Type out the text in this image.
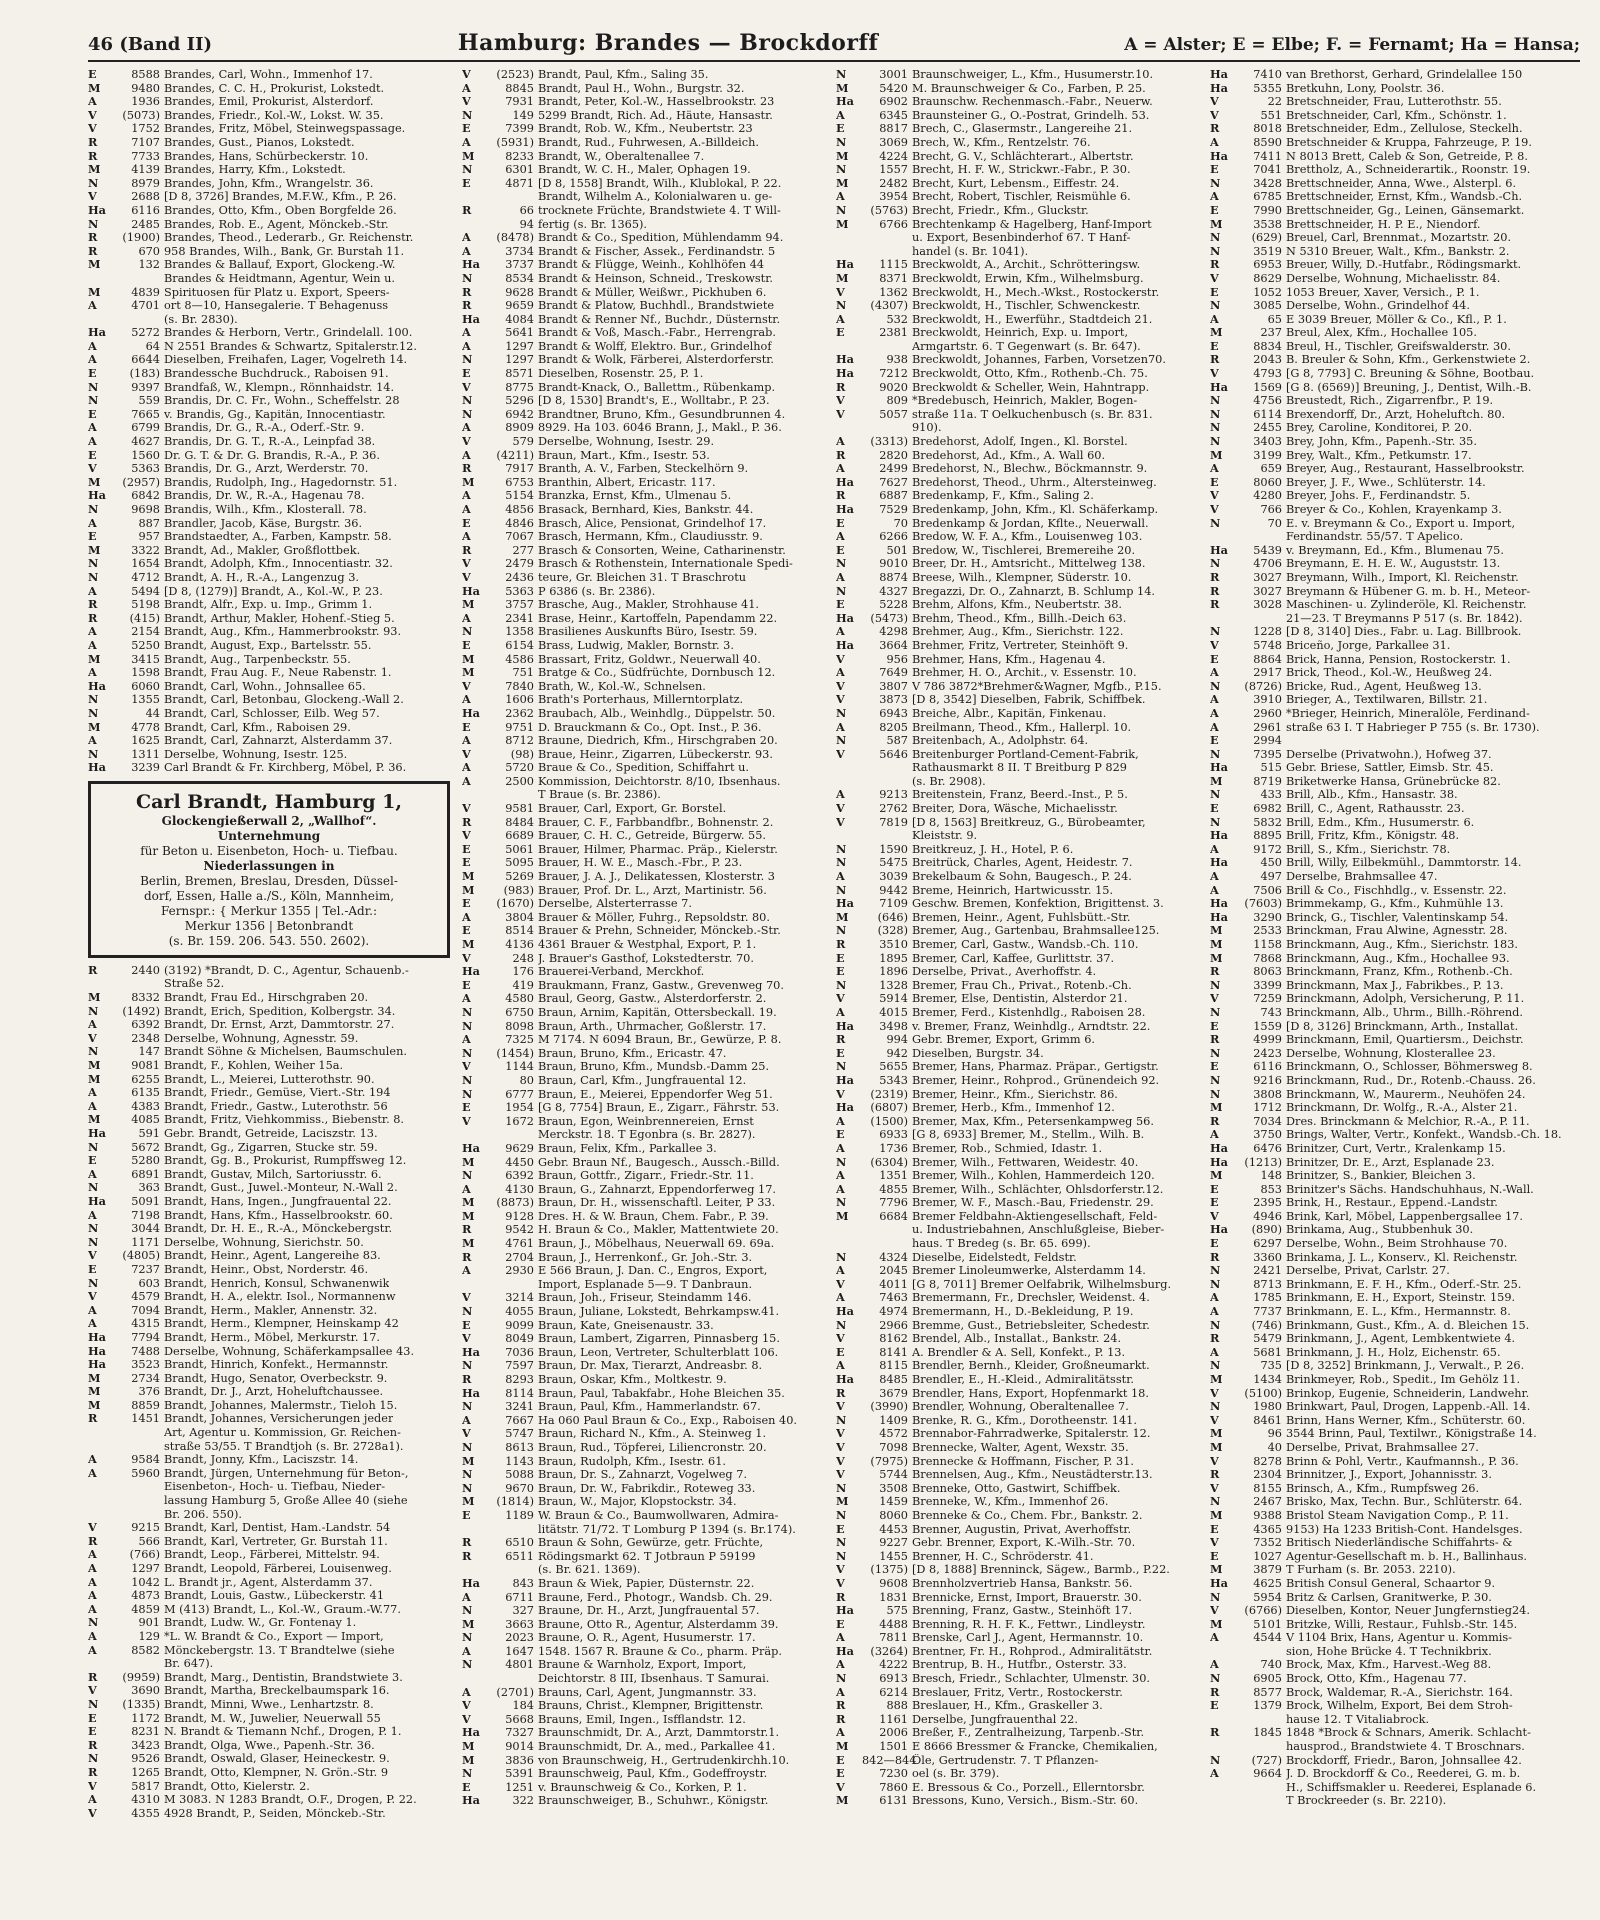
46 (Band II)	Hamburg: Brandes — Brockdorff	A = Alster; E = Elbe; F. = Fernamt; Ha = Hansa;
E	8588 Brandes, Carl, Wohn., Immenhof 17.
M	9480 Brandes, C. C. H., Prokurist, Lokstedt.
A	1936 Brandes, Emil, Prokurist, Alsterdorf.
V	(5073) Brandes, Friedr., Kol.-W., Lokst. W. 35.
V	1752 Brandes, Fritz, Möbel, Steinwegspassage.
R	7107 Brandes, Gust., Pianos, Lokstedt.
R	7733 Brandes, Hans, Schürbeckerstr. 10.
M	4139 Brandes, Harry, Kfm., Lokstedt.
N	8979 Brandes, John, Kfm., Wrangelstr. 36.
V	2688 [D 8, 3726] Brandes, M.F.W., Kfm., P. 26.
Ha	6116 Brandes, Otto, Kfm., Oben Borgfelde 26.
N	2485 Brandes, Rob. E., Agent, Mönckeb.-Str.
R	(1900) Brandes, Theod., Lederarb., Gr. Reichenstr.
R	670 958 Brandes, Wilh., Bank, Gr. Burstah 11.
M	132 Brandes & Ballauf, Export, Glockeng.-W.
Brandes & Heidtmann, Agentur, Wein u.
M	4839 Spirituosen für Platz u. Export, Speers-
A	4701 ort 8—10, Hansegalerie. T Behagenuss
(s. Br. 2830).
Ha	5272 Brandes & Herborn, Vertr., Grindelall. 100.
A	64 N 2551 Brandes & Schwartz, Spitalerstr.12.
A	6644 Dieselben, Freihafen, Lager, Vogelreth 14.
E	(183) Brandessche Buchdruck., Raboisen 91.
N	9397 Brandfaß, W., Klempn., Rönnhaidstr. 14.
N	559 Brandis, Dr. C. Fr., Wohn., Scheffelstr. 28
E	7665 v. Brandis, Gg., Kapitän, Innocentiastr.
A	6799 Brandis, Dr. G., R.-A., Oderf.-Str. 9.
A	4627 Brandis, Dr. G. T., R.-A., Leinpfad 38.
E	1560 Dr. G. T. & Dr. G. Brandis, R.-A., P. 36.
V	5363 Brandis, Dr. G., Arzt, Werderstr. 70.
M	(2957) Brandis, Rudolph, Ing., Hagedornstr. 51.
Ha	6842 Brandis, Dr. W., R.-A., Hagenau 78.
N	9698 Brandis, Wilh., Kfm., Klosterall. 78.
A	887 Brandler, Jacob, Käse, Burgstr. 36.
E	957 Brandstaedter, A., Farben, Kampstr. 58.
M	3322 Brandt, Ad., Makler, Großflottbek.
N	1654 Brandt, Adolph, Kfm., Innocentiastr. 32.
N	4712 Brandt, A. H., R.-A., Langenzug 3.
A	5494 [D 8, (1279)] Brandt, A., Kol.-W., P. 23.
R	5198 Brandt, Alfr., Exp. u. Imp., Grimm 1.
R	(415) Brandt, Arthur, Makler, Hohenf.-Stieg 5.
A	2154 Brandt, Aug., Kfm., Hammerbrookstr. 93.
A	5250 Brandt, August, Exp., Bartelsstr. 55.
M	3415 Brandt, Aug., Tarpenbeckstr. 55.
A	1598 Brandt, Frau Aug. F., Neue Rabenstr. 1.
Ha	6060 Brandt, Carl, Wohn., Johnsallee 65.
N	1355 Brandt, Carl, Betonbau, Glockeng.-Wall 2.
N	44 Brandt, Carl, Schlosser, Eilb. Weg 57.
M	4778 Brandt, Carl, Kfm., Raboisen 29.
A	1625 Brandt, Carl, Zahnarzt, Alsterdamm 37.
N	1311 Derselbe, Wohnung, Isestr. 125.
Ha	3239 Carl Brandt & Fr. Kirchberg, Möbel, P. 36.
Carl Brandt, Hamburg 1,
Glockengießerwall 2, „Wallhof“.
Unternehmung
für Beton u. Eisenbeton, Hoch- u. Tiefbau.
Niederlassungen in
Berlin, Bremen, Breslau, Dresden, Düssel-
dorf, Essen, Halle a./S., Köln, Mannheim,
Fernspr.: { Merkur 1355 | Tel.-Adr.:
Merkur 1356 | Betonbrandt
(s. Br. 159. 206. 543. 550. 2602).
R	2440 (3192) *Brandt, D. C., Agentur, Schauenb.-
Straße 52.
M	8332 Brandt, Frau Ed., Hirschgraben 20.
N	(1492) Brandt, Erich, Spedition, Kolbergstr. 34.
A	6392 Brandt, Dr. Ernst, Arzt, Dammtorstr. 27.
V	2348 Derselbe, Wohnung, Agnesstr. 59.
N	147 Brandt Söhne & Michelsen, Baumschulen.
M	9081 Brandt, F., Kohlen, Weiher 15a.
M	6255 Brandt, L., Meierei, Lutterothstr. 90.
A	6135 Brandt, Friedr., Gemüse, Viert.-Str. 194
A	4383 Brandt, Friedr., Gastw., Luterothstr. 56
M	4085 Brandt, Fritz, Viehkommiss., Biebenstr. 8.
Ha	591 Gebr. Brandt, Getreide, Laciszstr. 13.
N	5672 Brandt, Gg., Zigarren, Stucke str. 59.
E	5280 Brandt, Gg. B., Prokurist, Rumpffsweg 12.
A	6891 Brandt, Gustav, Milch, Sartoriusstr. 6.
N	363 Brandt, Gust., Juwel.-Monteur, N.-Wall 2.
Ha	5091 Brandt, Hans, Ingen., Jungfrauental 22.
A	7198 Brandt, Hans, Kfm., Hasselbrookstr. 60.
N	3044 Brandt, Dr. H. E., R.-A., Mönckebergstr.
N	1171 Derselbe, Wohnung, Sierichstr. 50.
V	(4805) Brandt, Heinr., Agent, Langereihe 83.
E	7237 Brandt, Heinr., Obst, Norderstr. 46.
N	603 Brandt, Henrich, Konsul, Schwanenwik
V	4579 Brandt, H. A., elektr. Isol., Normannenw
A	7094 Brandt, Herm., Makler, Annenstr. 32.
A	4315 Brandt, Herm., Klempner, Heinskamp 42
Ha	7794 Brandt, Herm., Möbel, Merkurstr. 17.
Ha	7488 Derselbe, Wohnung, Schäferkampsallee 43.
Ha	3523 Brandt, Hinrich, Konfekt., Hermannstr.
M	2734 Brandt, Hugo, Senator, Overbeckstr. 9.
M	376 Brandt, Dr. J., Arzt, Hoheluftchaussee.
M	8859 Brandt, Johannes, Malermstr., Tieloh 15.
R	1451 Brandt, Johannes, Versicherungen jeder
Art, Agentur u. Kommission, Gr. Reichen-
straße 53/55. T Brandtjoh (s. Br. 2728a1).
A	9584 Brandt, Jonny, Kfm., Laciszstr. 14.
A	5960 Brandt, Jürgen, Unternehmung für Beton-,
Eisenbeton-, Hoch- u. Tiefbau, Nieder-
lassung Hamburg 5, Große Allee 40 (siehe
Br. 206. 550).
V	9215 Brandt, Karl, Dentist, Ham.-Landstr. 54
R	566 Brandt, Karl, Vertreter, Gr. Burstah 11.
A	(766) Brandt, Leop., Färberei, Mittelstr. 94.
A	1297 Brandt, Leopold, Färberei, Louisenweg.
A	1042 L. Brandt jr., Agent, Alsterdamm 37.
A	4873 Brandt, Louis, Gastw., Lübeckerstr. 41
A	4859 M (413) Brandt, L., Kol.-W., Graum.-W.77.
N	901 Brandt, Ludw. W., Gr. Fontenay 1.
A	129 *L. W. Brandt & Co., Export — Import,
A	8582 Mönckebergstr. 13. T Brandtelwe (siehe
Br. 647).
R	(9959) Brandt, Marg., Dentistin, Brandstwiete 3.
V	3690 Brandt, Martha, Breckelbaumspark 16.
N	(1335) Brandt, Minni, Wwe., Lenhartzstr. 8.
E	1172 Brandt, M. W., Juwelier, Neuerwall 55
E	8231 N. Brandt & Tiemann Nchf., Drogen, P. 1.
R	3423 Brandt, Olga, Wwe., Papenh.-Str. 36.
N	9526 Brandt, Oswald, Glaser, Heineckestr. 9.
R	1265 Brandt, Otto, Klempner, N. Grön.-Str. 9
V	5817 Brandt, Otto, Kielerstr. 2.
A	4310 M 3083. N 1283 Brandt, O.F., Drogen, P. 22.
V	4355 4928 Brandt, P., Seiden, Mönckeb.-Str.
V	(2523) Brandt, Paul, Kfm., Saling 35.
A	8845 Brandt, Paul H., Wohn., Burgstr. 32.
V	7931 Brandt, Peter, Kol.-W., Hasselbrookstr. 23
N	149 5299 Brandt, Rich. Ad., Häute, Hansastr.
E	7399 Brandt, Rob. W., Kfm., Neubertstr. 23
A	(5931) Brandt, Rud., Fuhrwesen, A.-Billdeich.
M	8233 Brandt, W., Oberaltenallee 7.
N	6301 Brandt, W. C. H., Maler, Ophagen 19.
E	4871 [D 8, 1558] Brandt, Wilh., Klublokal, P. 22.
Brandt, Wilhelm A., Kolonialwaren u. ge-
R	66 trocknete Früchte, Brandstwiete 4. T Will-
94 fertig (s. Br. 1365).
A	(8478) Brandt & Co., Spedition, Mühlendamm 94.
A	3734 Brandt & Fischer, Assek., Ferdinandstr. 5
Ha	3737 Brandt & Flügge, Weinh., Kohlhöfen 44
N	8534 Brandt & Heinson, Schneid., Treskowstr.
R	9628 Brandt & Müller, Weißwr., Pickhuben 6.
R	9659 Brandt & Platow, Buchhdl., Brandstwiete
Ha	4084 Brandt & Renner Nf., Buchdr., Düsternstr.
A	5641 Brandt & Voß, Masch.-Fabr., Herrengrab.
A	1297 Brandt & Wolff, Elektro. Bur., Grindelhof
N	1297 Brandt & Wolk, Färberei, Alsterdorferstr.
E	8571 Dieselben, Rosenstr. 25, P. 1.
V	8775 Brandt-Knack, O., Ballettm., Rübenkamp.
N	5296 [D 8, 1530] Brandt's, E., Wolltabr., P. 23.
N	6942 Brandtner, Bruno, Kfm., Gesundbrunnen 4.
A	8909 8929. Ha 103. 6046 Brann, J., Makl., P. 36.
V	579 Derselbe, Wohnung, Isestr. 29.
A	(4211) Braun, Mart., Kfm., Isestr. 53.
R	7917 Branth, A. V., Farben, Steckelhörn 9.
M	6753 Branthin, Albert, Ericastr. 117.
A	5154 Branzka, Ernst, Kfm., Ulmenau 5.
A	4856 Brasack, Bernhard, Kies, Bankstr. 44.
E	4846 Brasch, Alice, Pensionat, Grindelhof 17.
A	7067 Brasch, Hermann, Kfm., Claudiusstr. 9.
R	277 Brasch & Consorten, Weine, Catharinenstr.
V	2479 Brasch & Rothenstein, Internationale Spedi-
V	2436 teure, Gr. Bleichen 31. T Braschrotu
Ha	5363 P 6386 (s. Br. 2386).
M	3757 Brasche, Aug., Makler, Strohhause 41.
A	2341 Brase, Heinr., Kartoffeln, Papendamm 22.
N	1358 Brasilienes Auskunfts Büro, Isestr. 59.
E	6154 Brass, Ludwig, Makler, Bornstr. 3.
M	4586 Brassart, Fritz, Goldwr., Neuerwall 40.
M	751 Bratge & Co., Südfrüchte, Dornbusch 12.
V	7840 Brath, W., Kol.-W., Schnelsen.
A	1606 Brath's Porterhaus, Millerntorplatz.
Ha	2362 Braubach, Alb., Weinhdlg., Düppelstr. 50.
E	9751 D. Brauckmann & Co., Opt. Inst., P. 36.
A	8712 Braune, Diedrich, Kfm., Hirschgraben 20.
V	(98) Braue, Heinr., Zigarren, Lübeckerstr. 93.
A	5720 Braue & Co., Spedition, Schiffahrt u.
A	2500 Kommission, Deichtorstr. 8/10, Ibsenhaus.
T Braue (s. Br. 2386).
V	9581 Brauer, Carl, Export, Gr. Borstel.
R	8484 Brauer, C. F., Farbbandfbr., Bohnenstr. 2.
V	6689 Brauer, C. H. C., Getreide, Bürgerw. 55.
E	5061 Brauer, Hilmer, Pharmac. Präp., Kielerstr.
E	5095 Brauer, H. W. E., Masch.-Fbr., P. 23.
M	5269 Brauer, J. A. J., Delikatessen, Klosterstr. 3
M	(983) Brauer, Prof. Dr. L., Arzt, Martinistr. 56.
E	(1670) Derselbe, Alsterterrasse 7.
A	3804 Brauer & Möller, Fuhrg., Repsoldstr. 80.
E	8514 Brauer & Prehn, Schneider, Mönckeb.-Str.
M	4136 4361 Brauer & Westphal, Export, P. 1.
V	248 J. Brauer's Gasthof, Lokstedterstr. 70.
Ha	176 Brauerei-Verband, Merckhof.
E	419 Braukmann, Franz, Gastw., Grevenweg 70.
A	4580 Braul, Georg, Gastw., Alsterdorferstr. 2.
N	6750 Braun, Arnim, Kapitän, Ottersbeckall. 19.
N	8098 Braun, Arth., Uhrmacher, Goßlerstr. 17.
A	7325 M 7174. N 6094 Braun, Br., Gewürze, P. 8.
N	(1454) Braun, Bruno, Kfm., Ericastr. 47.
V	1144 Braun, Bruno, Kfm., Mundsb.-Damm 25.
N	80 Braun, Carl, Kfm., Jungfrauental 12.
N	6777 Braun, E., Meierei, Eppendorfer Weg 51.
E	1954 [G 8, 7754] Braun, E., Zigarr., Fährstr. 53.
V	1672 Braun, Egon, Weinbrennereien, Ernst
Merckstr. 18. T Egonbra (s. Br. 2827).
Ha	9629 Braun, Felix, Kfm., Parkallee 3.
M	4450 Gebr. Braun Nf., Baugesch., Aussch.-Billd.
N	6392 Braun, Gottfr., Zigarr., Friedr.-Str. 11.
A	4130 Braun, G., Zahnarzt, Eppendorferweg 17.
M	(8873) Braun, Dr. H., wissenschaftl. Leiter, P 33.
M	9128 Dres. H. & W. Braun, Chem. Fabr., P. 39.
R	9542 H. Braun & Co., Makler, Mattentwiete 20.
M	4761 Braun, J., Möbelhaus, Neuerwall 69. 69a.
R	2704 Braun, J., Herrenkonf., Gr. Joh.-Str. 3.
A	2930 E 566 Braun, J. Dan. C., Engros, Export,
Import, Esplanade 5—9. T Danbraun.
V	3214 Braun, Joh., Friseur, Steindamm 146.
N	4055 Braun, Juliane, Lokstedt, Behrkampsw.41.
E	9099 Braun, Kate, Gneisenaustr. 33.
V	8049 Braun, Lambert, Zigarren, Pinnasberg 15.
Ha	7036 Braun, Leon, Vertreter, Schulterblatt 106.
N	7597 Braun, Dr. Max, Tierarzt, Andreasbr. 8.
R	8293 Braun, Oskar, Kfm., Moltkestr. 9.
Ha	8114 Braun, Paul, Tabakfabr., Hohe Bleichen 35.
N	3241 Braun, Paul, Kfm., Hammerlandstr. 67.
A	7667 Ha 060 Paul Braun & Co., Exp., Raboisen 40.
V	5747 Braun, Richard N., Kfm., A. Steinweg 1.
N	8613 Braun, Rud., Töpferei, Liliencronstr. 20.
M	1143 Braun, Rudolph, Kfm., Isestr. 61.
N	5088 Braun, Dr. S., Zahnarzt, Vogelweg 7.
N	9670 Braun, Dr. W., Fabrikdir., Roteweg 33.
M	(1814) Braun, W., Major, Klopstockstr. 34.
E	1189 W. Braun & Co., Baumwollwaren, Admira-
litätstr. 71/72. T Lomburg P 1394 (s. Br.174).
R	6510 Braun & Sohn, Gewürze, getr. Früchte,
R	6511 Rödingsmarkt 62. T Jotbraun P 59199
(s. Br. 621. 1369).
Ha	843 Braun & Wiek, Papier, Düsternstr. 22.
A	6711 Braune, Ferd., Photogr., Wandsb. Ch. 29.
N	327 Braune, Dr. H., Arzt, Jungfrauental 57.
M	3663 Braune, Otto R., Agentur, Alsterdamm 39.
N	2023 Braune, O. R., Agent, Husumerstr. 17.
A	1647 1548. 1567 R. Braune & Co., pharm. Präp.
N	4801 Braune & Warnholz, Export, Import,
Deichtorstr. 8 III, Ibsenhaus. T Samurai.
A	(2701) Brauns, Carl, Agent, Jungmannstr. 33.
V	184 Brauns, Christ., Klempner, Brigittenstr.
V	5668 Brauns, Emil, Ingen., Isfflandstr. 12.
Ha	7327 Braunschmidt, Dr. A., Arzt, Dammtorstr.1.
M	9014 Braunschmidt, Dr. A., med., Parkallee 41.
M	3836 von Braunschweig, H., Gertrudenkirchh.10.
N	5391 Braunschweig, Paul, Kfm., Godeffroystr.
E	1251 v. Braunschweig & Co., Korken, P. 1.
Ha	322 Braunschweiger, B., Schuhwr., Königstr.
N	3001 Braunschweiger, L., Kfm., Husumerstr.10.
M	5420 M. Braunschweiger & Co., Farben, P. 25.
Ha	6902 Braunschw. Rechenmasch.-Fabr., Neuerw.
A	6345 Braunsteiner G., O.-Postrat, Grindelh. 53.
E	8817 Brech, C., Glasermstr., Langereihe 21.
N	3069 Brech, W., Kfm., Rentzelstr. 76.
M	4224 Brecht, G. V., Schlächterart., Albertstr.
N	1557 Brecht, H. F. W., Strickwr.-Fabr., P. 30.
M	2482 Brecht, Kurt, Lebensm., Eiffestr. 24.
A	3954 Brecht, Robert, Tischler, Reismühle 6.
N	(5763) Brecht, Friedr., Kfm., Gluckstr.
M	6766 Brechtenkamp & Hagelberg, Hanf-Import
u. Export, Besenbinderhof 67. T Hanf-
handel (s. Br. 1041).
Ha	1115 Breckwoldt, A., Archit., Schrötteringsw.
M	8371 Breckwoldt, Erwin, Kfm., Wilhelmsburg.
V	1362 Breckwoldt, H., Mech.-Wkst., Rostockerstr.
N	(4307) Breckwoldt, H., Tischler, Schwenckestr.
A	532 Breckwoldt, H., Ewerführ., Stadtdeich 21.
E	2381 Breckwoldt, Heinrich, Exp. u. Import,
Armgartstr. 6. T Gegenwart (s. Br. 647).
Ha	938 Breckwoldt, Johannes, Farben, Vorsetzen70.
Ha	7212 Breckwoldt, Otto, Kfm., Rothenb.-Ch. 75.
R	9020 Breckwoldt & Scheller, Wein, Hahntrapp.
V	809 *Bredebusch, Heinrich, Makler, Bogen-
V	5057 straße 11a. T Oelkuchenbusch (s. Br. 831.
910).
A	(3313) Bredehorst, Adolf, Ingen., Kl. Borstel.
R	2820 Bredehorst, Ad., Kfm., A. Wall 60.
A	2499 Bredehorst, N., Blechw., Böckmannstr. 9.
Ha	7627 Bredehorst, Theod., Uhrm., Altersteinweg.
R	6887 Bredenkamp, F., Kfm., Saling 2.
Ha	7529 Bredenkamp, John, Kfm., Kl. Schäferkamp.
E	70 Bredenkamp & Jordan, Kflte., Neuerwall.
A	6266 Bredow, W. F. A., Kfm., Louisenweg 103.
E	501 Bredow, W., Tischlerei, Bremereihe 20.
N	9010 Breer, Dr. H., Amtsricht., Mittelweg 138.
A	8874 Breese, Wilh., Klempner, Süderstr. 10.
N	4327 Bregazzi, Dr. O., Zahnarzt, B. Schlump 14.
E	5228 Brehm, Alfons, Kfm., Neubertstr. 38.
Ha	(5473) Brehm, Theod., Kfm., Billh.-Deich 63.
A	4298 Brehmer, Aug., Kfm., Sierichstr. 122.
Ha	3664 Brehmer, Fritz, Vertreter, Steinhöft 9.
V	956 Brehmer, Hans, Kfm., Hagenau 4.
A	7649 Brehmer, H. O., Archit., v. Essenstr. 10.
V	3807 V 786 3872*Brehmer&Wagner, Mgfb., P.15.
V	3873 [D 8, 3542] Dieselben, Fabrik, Schiffbek.
N	6943 Breiche, Albr., Kapitän, Finkenau.
A	8205 Breilmann, Theod., Kfm., Hallerpl. 10.
N	587 Breitenbach, A., Adolphstr. 64.
V	5646 Breitenburger Portland-Cement-Fabrik,
Rathausmarkt 8 II. T Breitburg P 829
(s. Br. 2908).
A	9213 Breitenstein, Franz, Beerd.-Inst., P. 5.
V	2762 Breiter, Dora, Wäsche, Michaelisstr.
V	7819 [D 8, 1563] Breitkreuz, G., Bürobeamter,
Kleiststr. 9.
N	1590 Breitkreuz, J. H., Hotel, P. 6.
N	5475 Breitrück, Charles, Agent, Heidestr. 7.
A	3039 Brekelbaum & Sohn, Baugesch., P. 24.
N	9442 Breme, Heinrich, Hartwicusstr. 15.
Ha	7109 Geschw. Bremen, Konfektion, Brigittenst. 3.
M	(646) Bremen, Heinr., Agent, Fuhlsbütt.-Str.
N	(328) Bremer, Aug., Gartenbau, Brahmsallee125.
R	3510 Bremer, Carl, Gastw., Wandsb.-Ch. 110.
E	1895 Bremer, Carl, Kaffee, Gurlittstr. 37.
E	1896 Derselbe, Privat., Averhoffstr. 4.
N	1328 Bremer, Frau Ch., Privat., Rotenb.-Ch.
V	5914 Bremer, Else, Dentistin, Alsterdor 21.
A	4015 Bremer, Ferd., Kistenhdlg., Raboisen 28.
Ha	3498 v. Bremer, Franz, Weinhdlg., Arndtstr. 22.
R	994 Gebr. Bremer, Export, Grimm 6.
E	942 Dieselben, Burgstr. 34.
N	5655 Bremer, Hans, Pharmaz. Präpar., Gertigstr.
Ha	5343 Bremer, Heinr., Rohprod., Grünendeich 92.
V	(2319) Bremer, Heinr., Kfm., Sierichstr. 86.
Ha	(6807) Bremer, Herb., Kfm., Immenhof 12.
A	(1500) Bremer, Max, Kfm., Petersenkampweg 56.
E	6933 [G 8, 6933] Bremer, M., Stellm., Wilh. B.
A	1736 Bremer, Rob., Schmied, Idastr. 1.
N	(6304) Bremer, Wilh., Fettwaren, Weidestr. 40.
A	1351 Bremer, Wilh., Kohlen, Hammerdeich 120.
A	4855 Bremer, Wilh., Schlächter, Ohlsdorferstr.12.
N	7796 Bremer, W. F., Masch.-Bau, Friedenstr. 29.
M	6684 Bremer Feldbahn-Aktiengesellschaft, Feld-
u. Industriebahnen, Anschlußgleise, Bieber-
haus. T Bredeg (s. Br. 65. 699).
N	4324 Dieselbe, Eidelstedt, Feldstr.
A	2045 Bremer Linoleumwerke, Alsterdamm 14.
V	4011 [G 8, 7011] Bremer Oelfabrik, Wilhelmsburg.
A	7463 Bremermann, Fr., Drechsler, Weidenst. 4.
Ha	4974 Bremermann, H., D.-Bekleidung, P. 19.
N	2966 Bremme, Gust., Betriebsleiter, Schedestr.
V	8162 Brendel, Alb., Installat., Bankstr. 24.
E	8141 A. Brendler & A. Sell, Konfekt., P. 13.
A	8115 Brendler, Bernh., Kleider, Großneumarkt.
Ha	8485 Brendler, E., H.-Kleid., Admiralitätsstr.
R	3679 Brendler, Hans, Export, Hopfenmarkt 18.
V	(3990) Brendler, Wohnung, Oberaltenallee 7.
N	1409 Brenke, R. G., Kfm., Dorotheenstr. 141.
V	4572 Brennabor-Fahrradwerke, Spitalerstr. 12.
V	7098 Brennecke, Walter, Agent, Wexstr. 35.
V	(7975) Brennecke & Hoffmann, Fischer, P. 31.
V	5744 Brennelsen, Aug., Kfm., Neustädterstr.13.
N	3508 Brenneke, Otto, Gastwirt, Schiffbek.
M	1459 Brenneke, W., Kfm., Immenhof 26.
N	8060 Brenneke & Co., Chem. Fbr., Bankstr. 2.
E	4453 Brenner, Augustin, Privat, Averhoffstr.
N	9227 Gebr. Brenner, Export, K.-Wilh.-Str. 70.
N	1455 Brenner, H. C., Schröderstr. 41.
V	(1375) [D 8, 1888] Brenninck, Sägew., Barmb., P.22.
V	9608 Brennholzvertrieb Hansa, Bankstr. 56.
R	1831 Brennicke, Ernst, Import, Brauerstr. 30.
Ha	575 Brenning, Franz, Gastw., Steinhöft 17.
E	4488 Brenning, R. H. F. K., Fettwr., Lindleystr.
A	7811 Brenske, Carl J., Agent, Hermannstr. 10.
Ha	(3264) Brentner, Fr. H., Rohprod., Admiralitätstr.
A	4222 Brentrup, B. H., Hutfbr., Osterstr. 33.
N	6913 Bresch, Friedr., Schlachter, Ulmenstr. 30.
A	6214 Breslauer, Fritz, Vertr., Rostockerstr.
R	888 Breslauer, H., Kfm., Graskeller 3.
R	1161 Derselbe, Jungfrauenthal 22.
A	2006 Breßer, F., Zentralheizung, Tarpenb.-Str.
M	1501 E 8666 Bressmer & Francke, Chemikalien,
E	842—844
Öle, Gertrudenstr. 7. T Pflanzen-
E	7230 oel (s. Br. 379).
V	7860 E. Bressous & Co., Porzell., Ellerntorsbr.
M	6131 Bressons, Kuno, Versich., Bism.-Str. 60.
Ha	7410 van Brethorst, Gerhard, Grindelallee 150
Ha	5355 Bretkuhn, Lony, Poolstr. 36.
V	22 Bretschneider, Frau, Lutterothstr. 55.
V	551 Bretschneider, Carl, Kfm., Schönstr. 1.
R	8018 Bretschneider, Edm., Zellulose, Steckelh.
A	8590 Bretschneider & Kruppa, Fahrzeuge, P. 19.
Ha	7411 N 8013 Brett, Caleb & Son, Getreide, P. 8.
E	7041 Brettholz, A., Schneiderartik., Roonstr. 19.
N	3428 Brettschneider, Anna, Wwe., Alsterpl. 6.
A	6785 Brettschneider, Ernst, Kfm., Wandsb.-Ch.
E	7990 Brettschneider, Gg., Leinen, Gänsemarkt.
M	3538 Brettschneider, H. P. E., Niendorf.
N	(629) Breuel, Carl, Brennmat., Mozartstr. 20.
N	3519 N 5310 Breuer, Walt., Kfm., Bankstr. 2.
R	6953 Breuer, Willy, D.-Hutfabr., Rödingsmarkt.
V	8629 Derselbe, Wohnung, Michaelisstr. 84.
E	1052 1053 Breuer, Xaver, Versich., P. 1.
N	3085 Derselbe, Wohn., Grindelhof 44.
A	65 E 3039 Breuer, Möller & Co., Kfl., P. 1.
M	237 Breul, Alex, Kfm., Hochallee 105.
E	8834 Breul, H., Tischler, Greifswalderstr. 30.
R	2043 B. Breuler & Sohn, Kfm., Gerkenstwiete 2.
V	4793 [G 8, 7793] C. Breuning & Söhne, Bootbau.
Ha	1569 [G 8. (6569)] Breuning, J., Dentist, Wilh.-B.
N	4756 Breustedt, Rich., Zigarrenfbr., P. 19.
N	6114 Brexendorff, Dr., Arzt, Hoheluftch. 80.
N	2455 Brey, Caroline, Konditorei, P. 20.
N	3403 Brey, John, Kfm., Papenh.-Str. 35.
M	3199 Brey, Walt., Kfm., Petkumstr. 17.
A	659 Breyer, Aug., Restaurant, Hasselbrookstr.
E	8060 Breyer, J. F., Wwe., Schlüterstr. 14.
V	4280 Breyer, Johs. F., Ferdinandstr. 5.
V	766 Breyer & Co., Kohlen, Krayenkamp 3.
N	70 E. v. Breymann & Co., Export u. Import,
Ferdinandstr. 55/57. T Apelico.
Ha	5439 v. Breymann, Ed., Kfm., Blumenau 75.
N	4706 Breymann, E. H. E. W., Auguststr. 13.
R	3027 Breymann, Wilh., Import, Kl. Reichenstr.
R	3027 Breymann & Hübener G. m. b. H., Meteor-
R	3028 Maschinen- u. Zylinderöle, Kl. Reichenstr.
21—23. T Breymanns P 517 (s. Br. 1842).
N	1228 [D 8, 3140] Dies., Fabr. u. Lag. Billbrook.
V	5748 Briceño, Jorge, Parkallee 31.
E	8864 Brick, Hanna, Pension, Rostockerstr. 1.
A	2917 Brick, Theod., Kol.-W., Heußweg 24.
N	(8726) Bricke, Rud., Agent, Heußweg 13.
A	3910 Brieger, A., Textilwaren, Billstr. 21.
A	2960 *Brieger, Heinrich, Mineralöle, Ferdinand-
A	2961 straße 63 I. T Habrieger P 755 (s. Br. 1730).
E	2994
N	7395 Derselbe (Privatwohn.), Hofweg 37.
Ha	515 Gebr. Briese, Sattler, Eimsb. Str. 45.
M	8719 Briketwerke Hansa, Grünebrücke 82.
N	433 Brill, Alb., Kfm., Hansastr. 38.
E	6982 Brill, C., Agent, Rathausstr. 23.
N	5832 Brill, Edm., Kfm., Husumerstr. 6.
Ha	8895 Brill, Fritz, Kfm., Königstr. 48.
A	9172 Brill, S., Kfm., Sierichstr. 78.
Ha	450 Brill, Willy, Eilbekmühl., Dammtorstr. 14.
A	497 Derselbe, Brahmsallee 47.
A	7506 Brill & Co., Fischhdlg., v. Essenstr. 22.
Ha	(7603) Brimmekamp, G., Kfm., Kuhmühle 13.
Ha	3290 Brinck, G., Tischler, Valentinskamp 54.
M	2533 Brinckman, Frau Alwine, Agnesstr. 28.
M	1158 Brinckmann, Aug., Kfm., Sierichstr. 183.
M	7868 Brinckmann, Aug., Kfm., Hochallee 93.
R	8063 Brinckmann, Franz, Kfm., Rothenb.-Ch.
N	3399 Brinckmann, Max J., Fabrikbes., P. 13.
V	7259 Brinckmann, Adolph, Versicherung, P. 11.
N	743 Brinckmann, Alb., Uhrm., Billh.-Röhrend.
E	1559 [D 8, 3126] Brinckmann, Arth., Installat.
R	4999 Brinckmann, Emil, Quartiersm., Deichstr.
N	2423 Derselbe, Wohnung, Klosterallee 23.
E	6116 Brinckmann, O., Schlosser, Böhmersweg 8.
N	9216 Brinckmann, Rud., Dr., Rotenb.-Chauss. 26.
N	3808 Brinckmann, W., Maurerm., Neuhöfen 24.
M	1712 Brinckmann, Dr. Wolfg., R.-A., Alster 21.
R	7034 Dres. Brinckmann & Melchior, R.-A., P. 11.
A	3750 Brings, Walter, Vertr., Konfekt., Wandsb.-Ch. 18.
Ha	6476 Brinitzer, Curt, Vertr., Kralenkamp 15.
Ha	(1213) Brinitzer, Dr. E., Arzt, Esplanade 23.
M	148 Brinitzer, S., Bankier, Bleichen 3.
E	853 Brinitzer's Sächs. Handschuhhaus, N.-Wall.
E	2395 Brink, H., Restaur., Eppend.-Landstr.
V	4946 Brink, Karl, Möbel, Lappenbergsallee 17.
Ha	(890) Brinkama, Aug., Stubbenhuk 30.
E	6297 Derselbe, Wohn., Beim Strohhause 70.
R	3360 Brinkama, J. L., Konserv., Kl. Reichenstr.
N	2421 Derselbe, Privat, Carlstr. 27.
N	8713 Brinkmann, E. F. H., Kfm., Oderf.-Str. 25.
A	1785 Brinkmann, E. H., Export, Steinstr. 159.
A	7737 Brinkmann, E. L., Kfm., Hermannstr. 8.
N	(746) Brinkmann, Gust., Kfm., A. d. Bleichen 15.
R	5479 Brinkmann, J., Agent, Lembkentwiete 4.
A	5681 Brinkmann, J. H., Holz, Eichenstr. 65.
N	735 [D 8, 3252] Brinkmann, J., Verwalt., P. 26.
M	1434 Brinkmeyer, Rob., Spedit., Im Gehölz 11.
V	(5100) Brinkop, Eugenie, Schneiderin, Landwehr.
N	1980 Brinkwart, Paul, Drogen, Lappenb.-All. 14.
V	8461 Brinn, Hans Werner, Kfm., Schüterstr. 60.
M	96 3544 Brinn, Paul, Textilwr., Königstraße 14.
M	40 Derselbe, Privat, Brahmsallee 27.
V	8278 Brinn & Pohl, Vertr., Kaufmannsh., P. 36.
R	2304 Brinnitzer, J., Export, Johannisstr. 3.
V	8155 Brinsch, A., Kfm., Rumpfsweg 26.
N	2467 Brisko, Max, Techn. Bur., Schlüterstr. 64.
M	9388 Bristol Steam Navigation Comp., P. 11.
E	4365 9153) Ha 1233 British-Cont. Handelsges.
V	7352 Britisch Niederländische Schiffahrts- &
E	1027 Agentur-Gesellschaft m. b. H., Ballinhaus.
M	3879 T Furham (s. Br. 2053. 2210).
Ha	4625 British Consul General, Schaartor 9.
N	5954 Britz & Carlsen, Granitwerke, P. 30.
V	(6766) Dieselben, Kontor, Neuer Jungfernstieg24.
M	5101 Britzke, Willi, Restaur., Fuhlsb.-Str. 145.
A	4544 V 1104 Brix, Hans, Agentur u. Kommis-
sion, Hohe Brücke 4. T Technikbrix.
A	740 Brock, Max, Kfm., Harvest.-Weg 88.
N	6905 Brock, Otto, Kfm., Hagenau 77.
R	8577 Brock, Waldemar, R.-A., Sierichstr. 164.
E	1379 Brock, Wilhelm, Export, Bei dem Stroh-
hause 12. T Vitaliabrock.
R	1845 1848 *Brock & Schnars, Amerik. Schlacht-
hausprod., Brandstwiete 4. T Broschnars.
N	(727) Brockdorff, Friedr., Baron, Johnsallee 42.
A	9664 J. D. Brockdorff & Co., Reederei, G. m. b.
H., Schiffsmakler u. Reederei, Esplanade 6.
T Brockreeder (s. Br. 2210).
